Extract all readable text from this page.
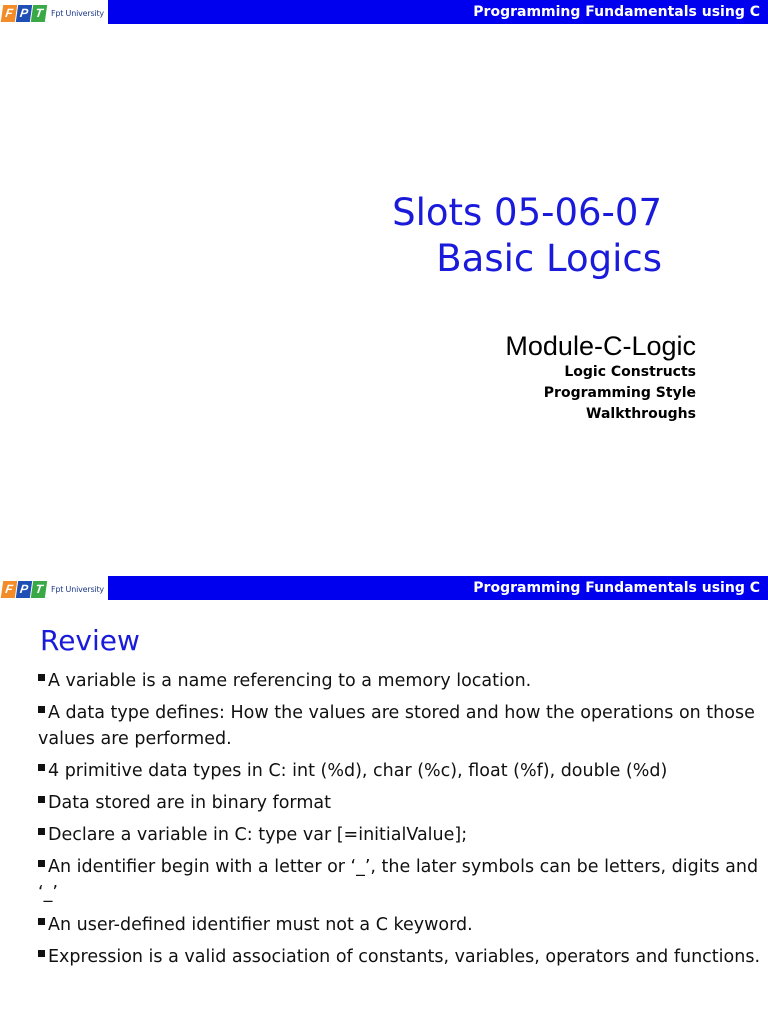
F P T Fpt University	Programming Fundamentals using C
Slots 05-06-07
Basic Logics
Module-C-Logic
Logic Constructs
Programming Style
Walkthroughs
F P T Fpt University	Programming Fundamentals using C
Review
A variable is a name referencing to a memory location.
A data type defines: How the values are stored and how the operations on those values are performed.
4 primitive data types in C: int (%d), char (%c), float (%f), double (%d)
Data stored are in binary format
Declare a variable in C: type var [=initialValue];
An identifier begin with a letter or ‘_’, the later symbols can be letters, digits and ‘_’
An user-defined identifier must not a C keyword.
Expression is a valid association of constants, variables, operators and functions.
